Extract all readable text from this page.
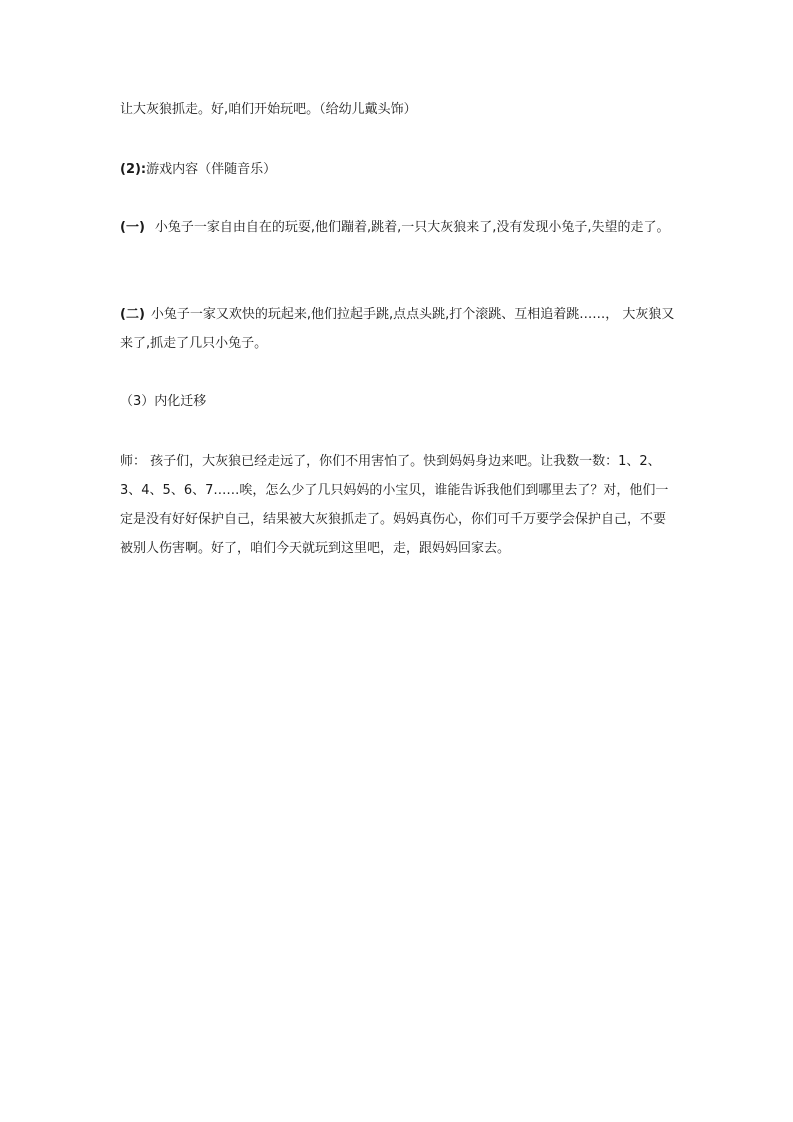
让大灰狼抓走。好,咱们开始玩吧。（给幼儿戴头饰）
(2):游戏内容（伴随音乐）
(一) 小兔子一家自由自在的玩耍,他们蹦着,跳着,一只大灰狼来了,没有发现小兔子,失望的走了。
(二) 小兔子一家又欢快的玩起来,他们拉起手跳,点点头跳,打个滚跳、互相追着跳……， 大灰狼又来了,抓走了几只小兔子。
（3）内化迁移
师： 孩子们，大灰狼已经走远了，你们不用害怕了。快到妈妈身边来吧。让我数一数：1、2、3、4、5、6、7……唉，怎么少了几只妈妈的小宝贝，谁能告诉我他们到哪里去了？对，他们一定是没有好好保护自己，结果被大灰狼抓走了。妈妈真伤心，你们可千万要学会保护自己，不要被别人伤害啊。好了，咱们今天就玩到这里吧，走，跟妈妈回家去。
